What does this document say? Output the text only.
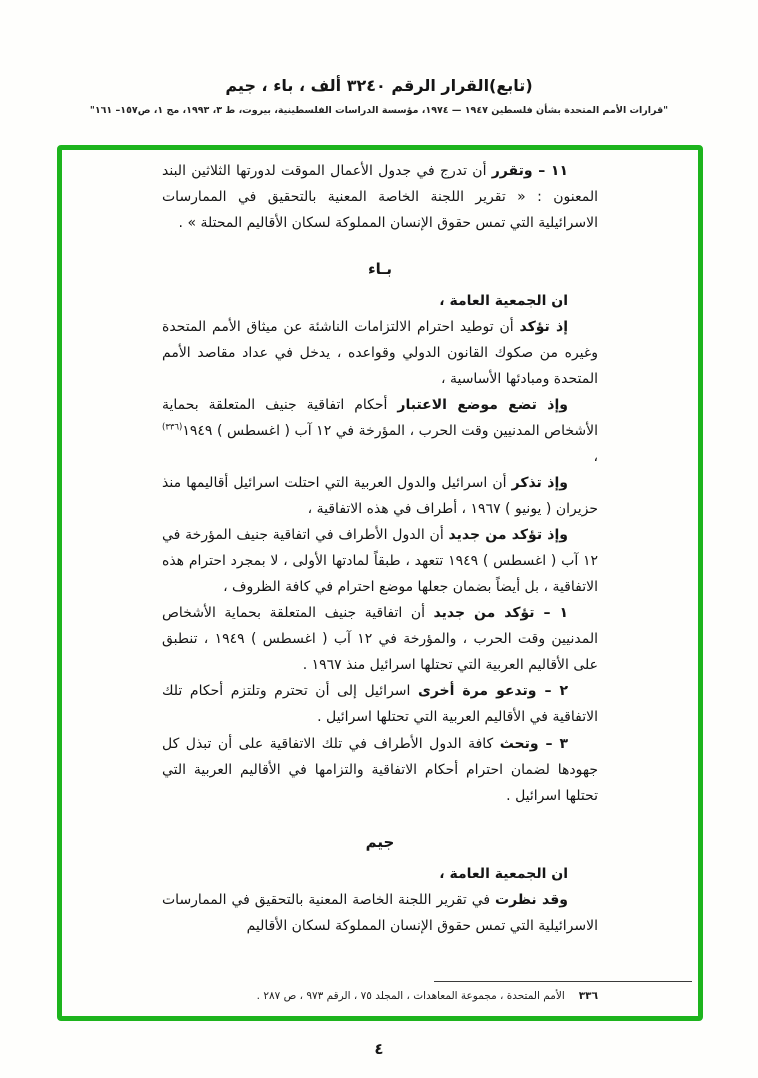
(تابع)القرار الرقم ٣٢٤٠ ألف ، باء ، جيم
"قرارات الأمم المتحدة بشأن فلسطين ١٩٤٧ — ١٩٧٤، مؤسسة الدراسات الفلسطينية، بيروت، ط ٣، ١٩٩٣، مج ١، ص١٥٧– ١٦١"

١١ – وتقرر أن تدرج في جدول الأعمال الموقت لدورتها الثلاثين البند المعنون : « تقرير اللجنة الخاصة المعنية بالتحقيق في الممارسات الاسرائيلية التي تمس حقوق الإنسان المملوكة لسكان الأقاليم المحتلة » .

بـاء

ان الجمعية العامة ،

إذ تؤكد أن توطيد احترام الالتزامات الناشئة عن ميثاق الأمم المتحدة وغيره من صكوك القانون الدولي وقواعده ، يدخل في عداد مقاصد الأمم المتحدة ومبادئها الأساسية ،

وإذ تضع موضع الاعتبار أحكام اتفاقية جنيف المتعلقة بحماية الأشخاص المدنيين وقت الحرب ، المؤرخة في ١٢ آب ( اغسطس ) ١٩٤٩$^{(٣٣٦)}$ ،

وإذ تذكر أن اسرائيل والدول العربية التي احتلت اسرائيل أقاليمها منذ حزيران ( يونيو ) ١٩٦٧ ، أطراف في هذه الاتفاقية ،

وإذ تؤكد من جديد أن الدول الأطراف في اتفاقية جنيف المؤرخة في ١٢ آب ( اغسطس ) ١٩٤٩ تتعهد ، طبقاً لمادتها الأولى ، لا بمجرد احترام هذه الاتفاقية ، بل أيضاً بضمان جعلها موضع احترام في كافة الظروف ،

١ – تؤكد من جديد أن اتفاقية جنيف المتعلقة بحماية الأشخاص المدنيين وقت الحرب ، والمؤرخة في ١٢ آب ( اغسطس ) ١٩٤٩ ، تنطبق على الأقاليم العربية التي تحتلها اسرائيل منذ ١٩٦٧ .

٢ – وتدعو مرة أخرى اسرائيل إلى أن تحترم وتلتزم أحكام تلك الاتفاقية في الأقاليم العربية التي تحتلها اسرائيل .

٣ – وتحث كافة الدول الأطراف في تلك الاتفاقية على أن تبذل كل جهودها لضمان احترام أحكام الاتفاقية والتزامها في الأقاليم العربية التي تحتلها اسرائيل .

جيم

ان الجمعية العامة ،

وقد نظرت في تقرير اللجنة الخاصة المعنية بالتحقيق في الممارسات الاسرائيلية التي تمس حقوق الإنسان المملوكة لسكان الأقاليم

٣٣٦الأمم المتحدة ، مجموعة المعاهدات ، المجلد ٧٥ ، الرقم ٩٧٣ ، ص ٢٨٧ .
٤
